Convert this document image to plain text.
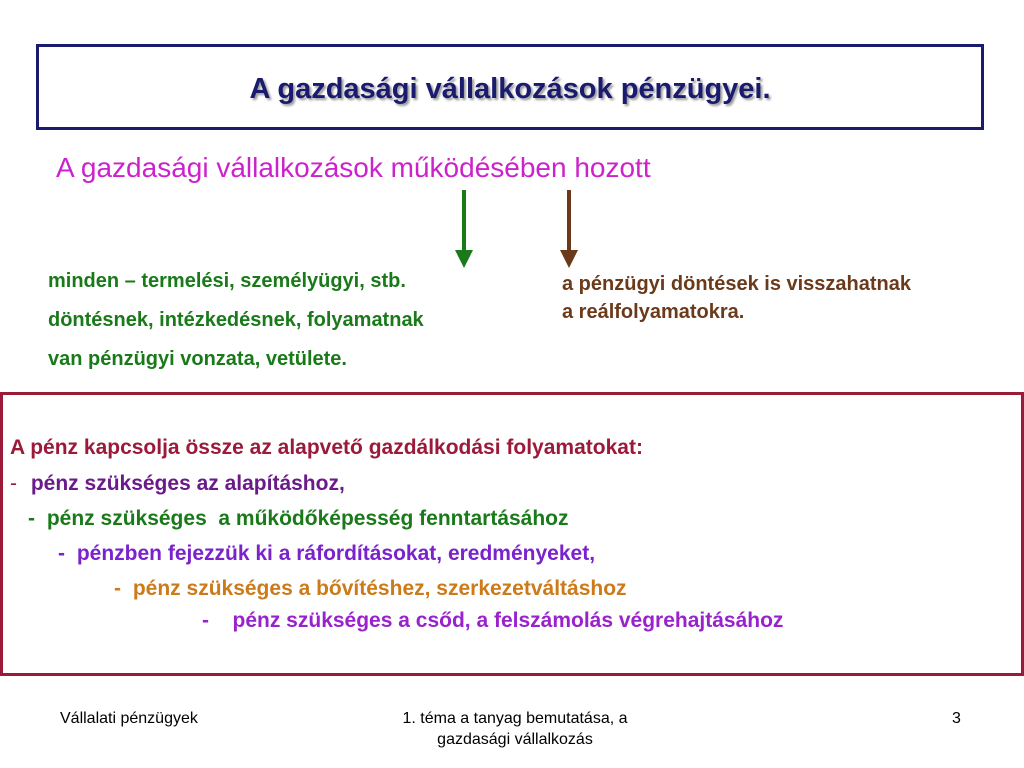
A gazdasági vállalkozások pénzügyei.
A gazdasági vállalkozások működésében hozott
minden – termelési, személyügyi, stb.
döntésnek, intézkedésnek, folyamatnak
van pénzügyi vonzata, vetülete.
a pénzügyi döntések is visszahatnak
a reálfolyamatokra.
A pénz kapcsolja össze az alapvető gazdálkodási folyamatokat:
- pénz szükséges az alapításhoz,
- pénz szükséges  a működőképesség fenntartásához
- pénzben fejezzük ki a ráfordításokat, eredményeket,
- pénz szükséges a bővítéshez, szerkezetváltáshoz
-   pénz szükséges a csőd, a felszámolás végrehajtásához
Vállalati pénzügyek	1. téma a tanyag bemutatása, a
gazdasági vállalkozás
3
